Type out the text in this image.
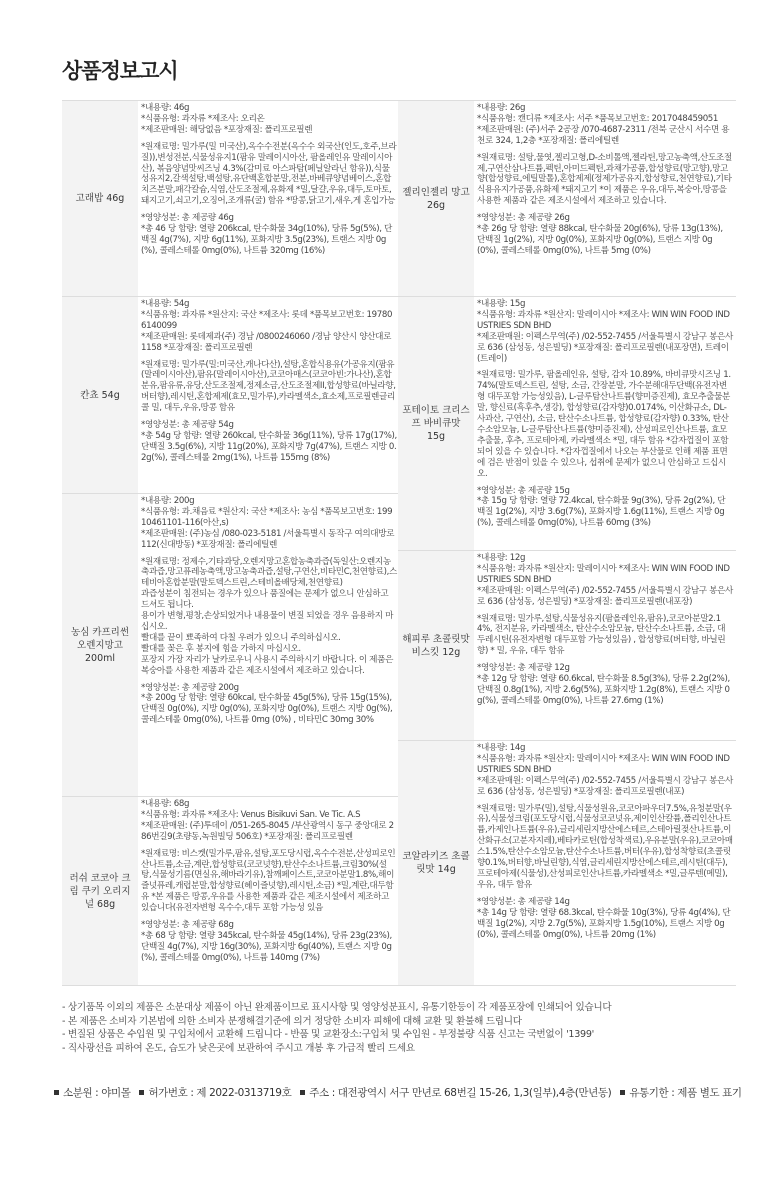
상품정보고시
고래밥 46g

*내용량: 46g
*식품유형: 과자류 *제조사: 오리온
*제조판매원: 해당없음 *포장재질: 폴리프로필렌

*원재료명: 밀가루(밀 미국산),옥수수전분(옥수수 외국산(인도,호주,브라질)),변성전분,식물성유지1(팜유 말레이시아산, 팜올레인유 말레이시아산), 볶음양념맛씨즈닝 4.3%(감미료 아스파탐(페닐알라닌 함유)),식물성유지2,갈색설탕,백설탕,유단백혼합분말,전분,바베큐양념베이스,혼합치즈분말,패각칼슘,식염,산도조절제,유화제 *밀,달걀,우유,대두,토마토,돼지고기,쇠고기,오징어,조개류(굴) 함유 *땅콩,닭고기,새우,게 혼입가능

*영양성분: 총 제공량 46g
*총 46 당 함량: 열량 206kcal, 탄수화물 34g(10%), 당류 5g(5%), 단백질 4g(7%), 지방 6g(11%), 포화지방 3.5g(23%), 트랜스 지방 0g(%), 콜레스테롤 0mg(0%), 나트륨 320mg (16%)

칸쵸 54g

*내용량: 54g
*식품유형: 과자류 *원산지: 국산 *제조사: 롯데 *품목보고번호: 197806140099
*제조판매원: 롯데제과(주) 경남 /0800246060 /경남 양산시 양산대로 1158 *포장재질: 폴리프로필렌

*원재료명: 밀가루(밀:미국산,캐나다산),설탕,혼합식용유(가공유지(팜유(말레이시아산),팜유(말레이시아산),코코아매스(코코아빈:가나산),혼합분유,팜유류,유당,산도조절제,정제소금,산도조절제II,합성향료(바닐라향,버터향),레시틴,혼합제제(효모,밀가루),카라멜색소,효소제,프로필렌글리콜 밀, 대두,우유,땅콩 함유

*영양성분: 총 제공량 54g
*총 54g 당 함량: 열량 260kcal, 탄수화물 36g(11%), 당류 17g(17%), 단백질 3.5g(6%), 지방 11g(20%), 포화지방 7g(47%), 트랜스 지방 0.2g(%), 콜레스테롤 2mg(1%), 나트륨 155mg (8%)

농심 카프리썬 오렌지망고200ml

*내용량: 200g
*식품유형: 과.채음료 *원산지: 국산 *제조사: 농심 *품목보고번호: 19910461101-116(아산,s)
*제조판매원: (주)농심 /080-023-5181 /서울특별시 동작구 여의대방로 112(신대방동) *포장재질: 폴리에틸렌

*원재료명: 정제수,기타과당,오렌지망고혼합농축과즙(독일산:오렌지농축과즙,망고퓨레농축액,망고농축과즙,설탕,구연산,비타민C,천연향료),스테비아혼합분말(말토덱스트린,스테비올배당체,천연향료)
과즙성분이 침전되는 경우가 있으나 품질에는 문제가 없으니 안심하고 드셔도 됩니다.
용이가 변형,평창,손상되었거나 내용물이 변질 되었을 경우 음용하지 마십시오.
빨대를 끝이 뾰족하여 다칠 우려가 있으니 주의하십시오.
빨대를 꽂은 후 봉지에 힘을 가하지 마십시오.
포장지 가장 자리가 날카로우니 사용시 주의하시기 바랍니다. 이 제품은 복숭아를 사용한 제품과 같은 제조시설에서 제조하고 있습니다.

*영양성분: 총 제공량 200g
*총 200g 당 함량: 열량 60kcal, 탄수화물 45g(5%), 당류 15g(15%), 단백질 0g(0%), 지방 0g(0%), 포화지방 0g(0%), 트랜스 지방 0g(%), 콜레스테롤 0mg(0%), 나트륨 0mg (0%) , 비타민C 30mg 30%

러쉬 코코아 크림 쿠키 오리지널 68g

*내용량: 68g
*식품유형: 과자류 *제조사: Venus Bisikuvi San. Ve Tic. A.S
*제조판매원: (주)투데이 /051-265-8045 /부산광역시 동구 중앙대로 286번길9(초량동,녹원빌딩 506호) *포장재질: 폴리프로필렌

*원재료명: 비스켓(밀가루,팜유,설탕,포도당시럽,옥수수전분,산성피로인산나트륨,소금,계란,합성향료(코코넛향),탄산수소나트륨,크림30%(설탕,식물성기름(면실유,해바라기유),참깨페이스트,코코아분말1.8%,해이즐넛퓨레,캐럽분말,합성향료(헤이즐넛향),레시틴,소금) *밀,계란,대두함유 *본 제품은 땅콩,우유를 사용한 제품과 같은 제조시설에서 제조하고 있습니다(유전자변형 옥수수,대두 포함 가능성 있음

*영양성분: 총 제공량 68g
*총 68 당 함량: 열량 345kcal, 탄수화물 45g(14%), 당류 23g(23%), 단백질 4g(7%), 지방 16g(30%), 포화지방 6g(40%), 트랜스 지방 0g(%), 콜레스테롤 0mg(0%), 나트륨 140mg (7%)

젤리인젤리 망고 26g

*내용량: 26g
*식품유형: 캔디류 *제조사: 서주 *품목보고번호: 2017048459051
*제조판매원: (주)서주 2공장 /070-4687-2311 /전북 군산시 서수면 용천로 324, 1,2층 *포장재질: 폴리에틸렌

*원재료명: 설탕,물엿,젤리고형,D-소비톨액,젤라틴,망고농축액,산도조절제,구연산삼나트륨,펙틴,아미드펙틴,과채가공품,합성향료(망고향),망고향(합성향료,에틸말톨),혼합제제(정제가공유지,합성향료,천연향료),기타 식용유지가공품,유화제 *돼지고기 *이 제품은 우유,대두,복숭아,땅콩을 사용한 제품과 같은 제조시설에서 제조하고 있습니다.

*영양성분: 총 제공량 26g
*총 26g 당 함량: 열량 88kcal, 탄수화물 20g(6%), 당류 13g(13%), 단백질 1g(2%), 지방 0g(0%), 포화지방 0g(0%), 트랜스 지방 0g(0%), 콜레스테롤 0mg(0%), 나트륨 5mg (0%)

포테이토 크리스프 바비큐맛 15g

*내용량: 15g
*식품유형: 과자류 *원산지: 말레이시아 *제조사: WIN WIN FOOD INDUSTRIES SDN BHD
*제조판매원: 이펙스무역(주) /02-552-7455 /서울특별시 강남구 봉은사로 636 (삼성동, 성은빌딩) *포장재질: 폴리프로필렌(내포장면), 트레이(트레이)

*원재료명: 밀가루, 팜올레인유, 설탕, 감자 10.89%, 바비큐맛시즈닝 1.74%(말토덱스트린, 설탕, 소금, 간장분말, 가수분해대두단백(유전자변형 대두포함 가능성있음), L-글루탐산나트륨(향미증진제), 효모추출물분말, 향신료(흑후추,생강), 합성향료(감자향)0.0174%, 이산화규소, DL-사과산, 구연산), 소금, 탄산수소나트륨, 합성향료(감자향) 0.33%, 탄산수소암모늄, L-글루탐산나트륨(향미증진제), 산성피로인산나트륨, 효모추출물, 후추, 프로테아제, 카라멜색소 *밀, 대두 함유 *감자껍질이 포함되어 있을 수 있습니다. *감자껍질에서 나오는 부산물로 인해 제품 표면에 검은 반점이 있을 수 있으나, 섭취에 문제가 없으니 안심하고 드십시오.

*영양성분: 총 제공량 15g
*총 15g 당 함량: 열량 72.4kcal, 탄수화물 9g(3%), 당류 2g(2%), 단백질 1g(2%), 지방 3.6g(7%), 포화지방 1.6g(11%), 트랜스 지방 0g(%), 콜레스테롤 0mg(0%), 나트륨 60mg (3%)

해피루 초콜릿맛 비스킷 12g

*내용량: 12g
*식품유형: 과자류 *원산지: 말레이시아 *제조사: WIN WIN FOOD INDUSTRIES SDN BHD
*제조판매원: 이펙스무역(주) /02-552-7455 /서울특별시 강남구 봉은사로 636 (삼성동, 성은빌딩) *포장재질: 폴리프로필렌(내포장)

*원재료명: 밀가루,설탕,식물성유지(팜올레인유,팜유),코코아분말2.14%, 전지분유, 카라멜색소, 탄산수소암모늄, 탄산수소나트륨, 소금, 대두레시틴(유전자변형 대두포함 가능성있음) , 합성향료(버터향, 바닐린향) * 밀, 우유, 대두 함유

*영양성분: 총 제공량 12g
*총 12g 당 함량: 열량 60.6kcal, 탄수화물 8.5g(3%), 당류 2.2g(2%), 단백질 0.8g(1%), 지방 2.6g(5%), 포화지방 1.2g(8%), 트랜스 지방 0g(%), 콜레스테롤 0mg(0%), 나트륨 27.6mg (1%)

코알라키즈 초콜릿맛 14g

*내용량: 14g
*식품유형: 과자류 *원산지: 말레이시아 *제조사: WIN WIN FOOD INDUSTRIES SDN BHD
*제조판매원: 이펙스무역(주) /02-552-7455 /서울특별시 강남구 봉은사로 636 (삼성동, 성은빌딩) *포장재질: 폴리프로필렌(내포)

*원재료명: 밀가루(밀),설탕,식물성원유,코코아파우더7.5%,유청분말(우유),식물성크림(포도당시럽,식물성코코넛유,제이인산칼륨,폴리인산나트륨,카제인나트륨(우유),글리세린지방산에스테르,스테아릴젖산나트륨,이산화규소(고분자지레),베타카로틴(합성착색료),우유분말(우유),코코아매스1.5%,탄산수소암모늄,탄산수소나트륨,버터(우유),합성착향료(초콜릿향0.1%,버터향,바닐린향),식염,글리세린지방산에스테르,레시틴(대두),프로테아제(식물성),산성피로인산나트륨,카라멜색소 *밀,글루텐(메밀),우유, 대두 함유

*영양성분: 총 제공량 14g
*총 14g 당 함량: 열량 68.3kcal, 탄수화물 10g(3%), 당류 4g(4%), 단백질 1g(2%), 지방 2.7g(5%), 포화지방 1.5g(10%), 트랜스 지방 0g(0%), 콜레스테롤 0mg(0%), 나트륨 20mg (1%)

- 상기품목 이외의 제품은 소분대상 제품이 아닌 완제품이므로 표시사항 및 영양성분표시, 유통기한등이 각 제품포장에 인쇄되어 있습니다
- 본 제품은 소비자 기본법에 의한 소비자 분쟁해결기준에 의거 정당한 소비자 피해에 대해 교환 및 환불해 드립니다
- 변질된 상품은 수입원 및 구입처에서 교환해 드립니다 - 반품 및 교환장소:구입처 및 수입원 - 부정불량 식품 신고는 국번없이 '1399'
- 직사광선을 피하여 온도, 습도가 낮은곳에 보관하여 주시고 개봉 후 가급적 빨리 드세요
소분원 : 야미몰 허가번호 : 제 2022-0313719호 주소 : 대전광역시 서구 만년로 68번길 15-26, 1,3(일부),4층(만년동) 유통기한 : 제품 별도 표기
